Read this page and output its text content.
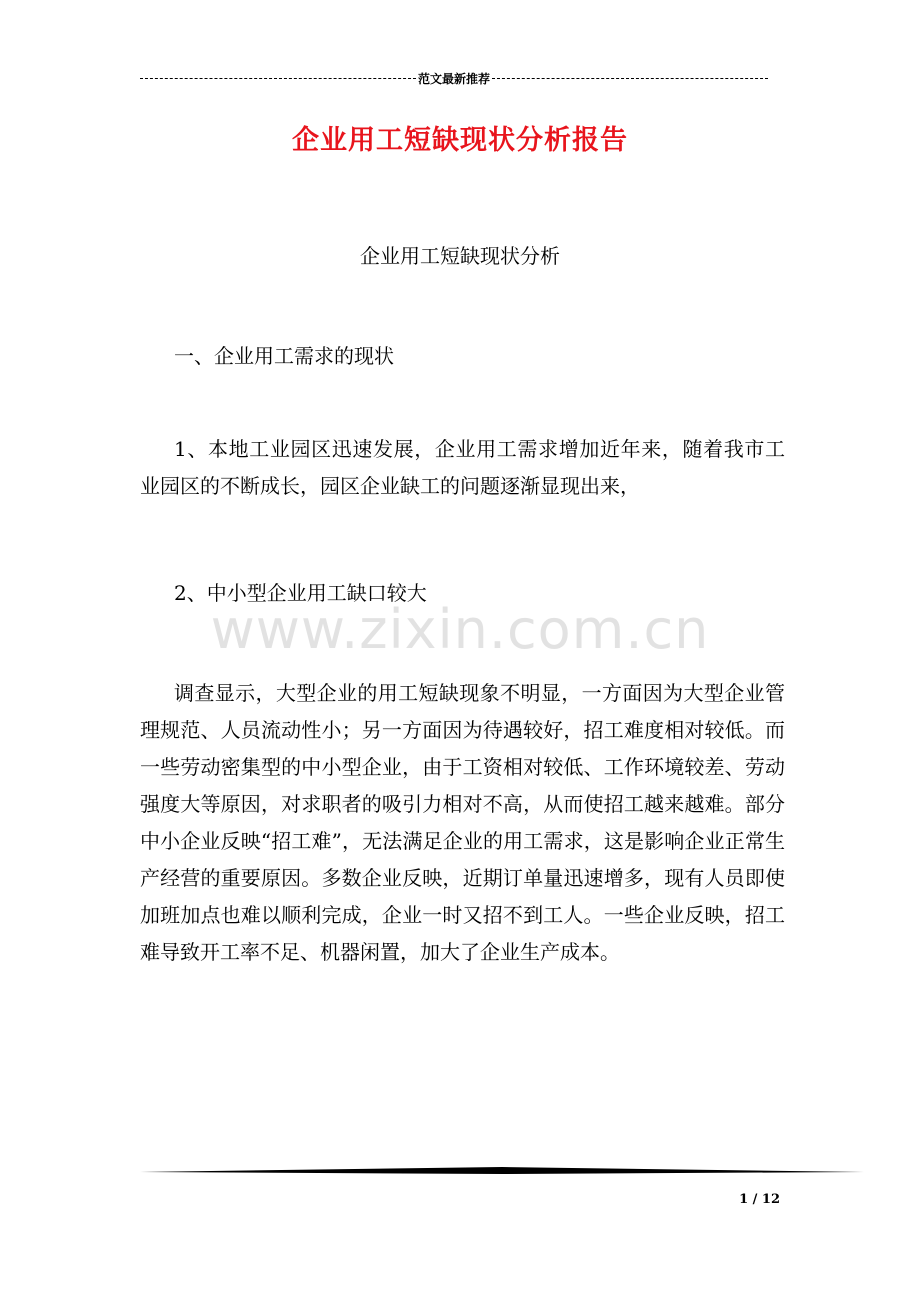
范文最新推荐
企业用工短缺现状分析报告
企业用工短缺现状分析

一、企业用工需求的现状

1、本地工业园区迅速发展，企业用工需求增加近年来，随着我市工业园区的不断成长，园区企业缺工的问题逐渐显现出来，

2、中小型企业用工缺口较大

www.zixin.com.cn

调查显示，大型企业的用工短缺现象不明显，一方面因为大型企业管理规范、人员流动性小；另一方面因为待遇较好，招工难度相对较低。而一些劳动密集型的中小型企业，由于工资相对较低、工作环境较差、劳动强度大等原因，对求职者的吸引力相对不高，从而使招工越来越难。部分中小企业反映“招工难”，无法满足企业的用工需求，这是影响企业正常生产经营的重要原因。多数企业反映，近期订单量迅速增多，现有人员即使加班加点也难以顺利完成，企业一时又招不到工人。一些企业反映，招工难导致开工率不足、机器闲置，加大了企业生产成本。

1 / 12
